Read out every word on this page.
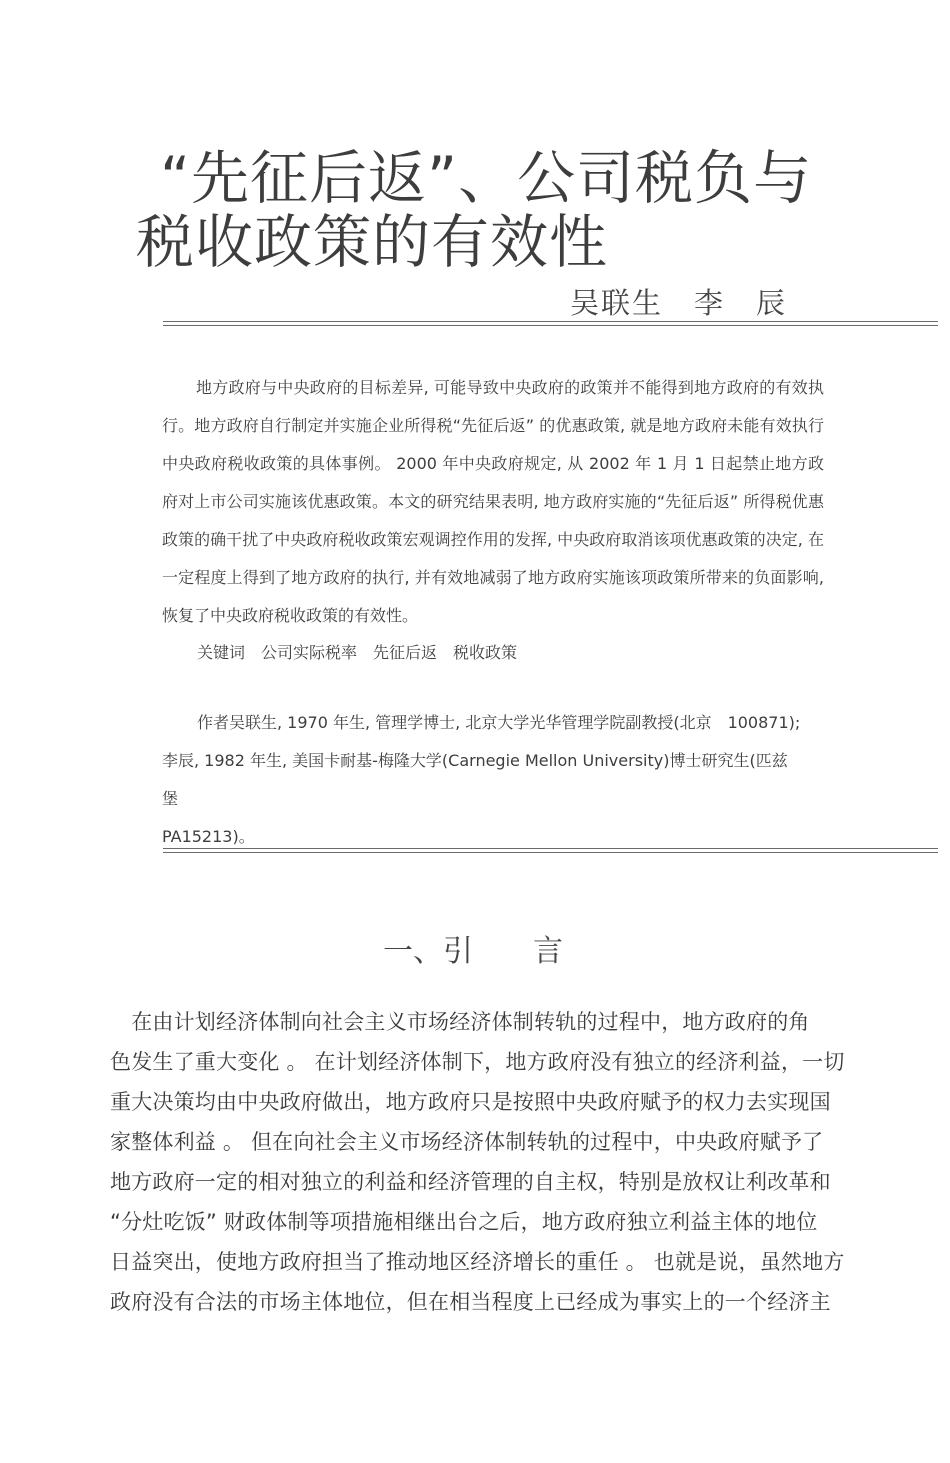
“先征后返”、公司税负与
税收政策的有效性
吴联生　李　辰
地方政府与中央政府的目标差异, 可能导致中央政府的政策并不能得到地方政府的有效执行。地方政府自行制定并实施企业所得税“先征后返” 的优惠政策, 就是地方政府未能有效执行中央政府税收政策的具体事例。 2000 年中央政府规定, 从 2002 年 1 月 1 日起禁止地方政府对上市公司实施该优惠政策。本文的研究结果表明, 地方政府实施的“先征后返” 所得税优惠政策的确干扰了中央政府税收政策宏观调控作用的发挥, 中央政府取消该项优惠政策的决定, 在一定程度上得到了地方政府的执行, 并有效地减弱了地方政府实施该项政策所带来的负面影响, 恢复了中央政府税收政策的有效性。
关键词　公司实际税率　先征后返　税收政策
作者吴联生, 1970 年生, 管理学博士, 北京大学光华管理学院副教授(北京　100871);
李辰, 1982 年生, 美国卡耐基-梅隆大学(Carnegie Mellon University)博士研究生(匹兹
堡
PA15213)。
一、引　　言
　在由计划经济体制向社会主义市场经济体制转轨的过程中，地方政府的角
色发生了重大变化 。 在计划经济体制下，地方政府没有独立的经济利益，一切
重大决策均由中央政府做出，地方政府只是按照中央政府赋予的权力去实现国
家整体利益 。 但在向社会主义市场经济体制转轨的过程中，中央政府赋予了
地方政府一定的相对独立的利益和经济管理的自主权，特别是放权让利改革和
“分灶吃饭” 财政体制等项措施相继出台之后，地方政府独立利益主体的地位
日益突出，使地方政府担当了推动地区经济增长的重任 。 也就是说，虽然地方
政府没有合法的市场主体地位，但在相当程度上已经成为事实上的一个经济主
